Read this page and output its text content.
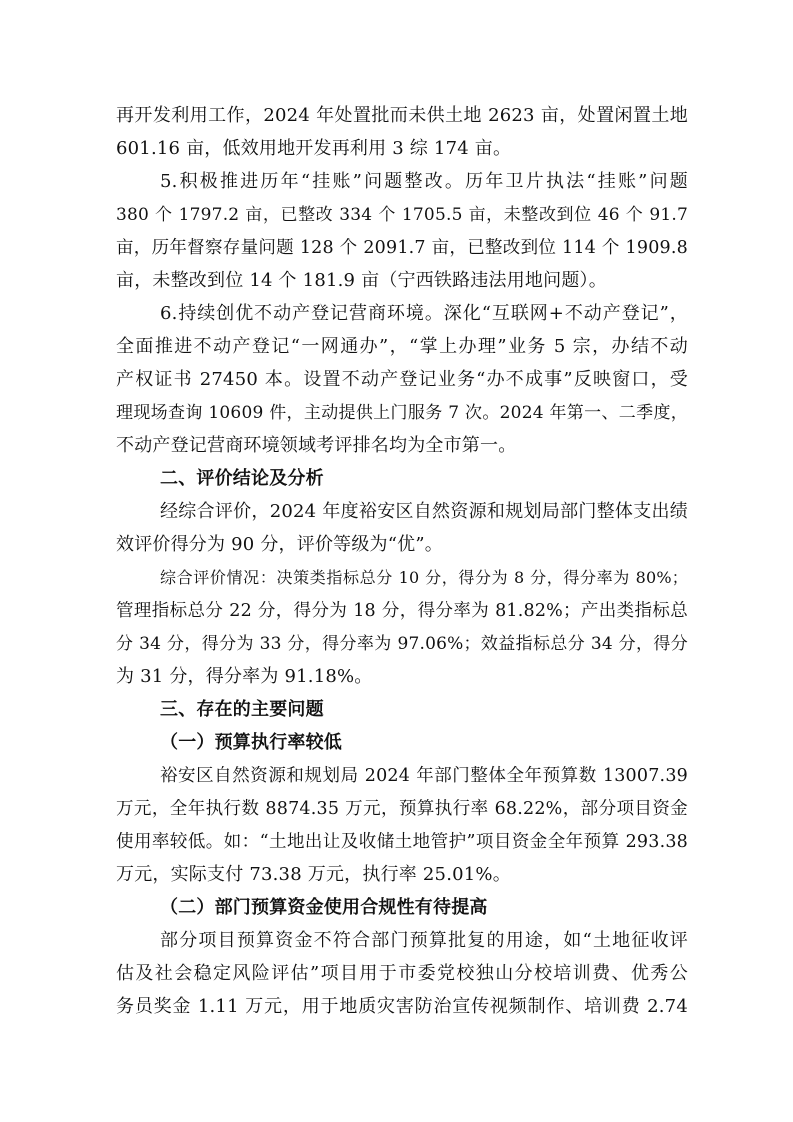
再开发利用工作，2024 年处置批而未供土地 2623 亩，处置闲置土地
601.16 亩，低效用地开发再利用 3 综 174 亩。
5.积极推进历年“挂账”问题整改。历年卫片执法“挂账”问题
380 个 1797.2 亩，已整改 334 个 1705.5 亩，未整改到位 46 个 91.7
亩，历年督察存量问题 128 个 2091.7 亩，已整改到位 114 个 1909.8
亩，未整改到位 14 个 181.9 亩（宁西铁路违法用地问题）。
6.持续创优不动产登记营商环境。深化“互联网+不动产登记”，
全面推进不动产登记“一网通办”，“掌上办理”业务 5 宗，办结不动
产权证书 27450 本。设置不动产登记业务“办不成事”反映窗口，受
理现场查询 10609 件，主动提供上门服务 7 次。2024 年第一、二季度，
不动产登记营商环境领域考评排名均为全市第一。
二、评价结论及分析
经综合评价，2024 年度裕安区自然资源和规划局部门整体支出绩
效评价得分为 90 分，评价等级为“优”。
综合评价情况：决策类指标总分 10 分，得分为 8 分，得分率为 80%；
管理指标总分 22 分，得分为 18 分，得分率为 81.82%；产出类指标总
分 34 分，得分为 33 分，得分率为 97.06%；效益指标总分 34 分，得分
为 31 分，得分率为 91.18%。
三、存在的主要问题
（一）预算执行率较低
裕安区自然资源和规划局 2024 年部门整体全年预算数 13007.39
万元，全年执行数 8874.35 万元，预算执行率 68.22%，部分项目资金
使用率较低。如：“土地出让及收储土地管护”项目资金全年预算 293.38
万元，实际支付 73.38 万元，执行率 25.01%。
（二）部门预算资金使用合规性有待提高
部分项目预算资金不符合部门预算批复的用途，如“土地征收评
估及社会稳定风险评估”项目用于市委党校独山分校培训费、优秀公
务员奖金 1.11 万元，用于地质灾害防治宣传视频制作、培训费 2.74
